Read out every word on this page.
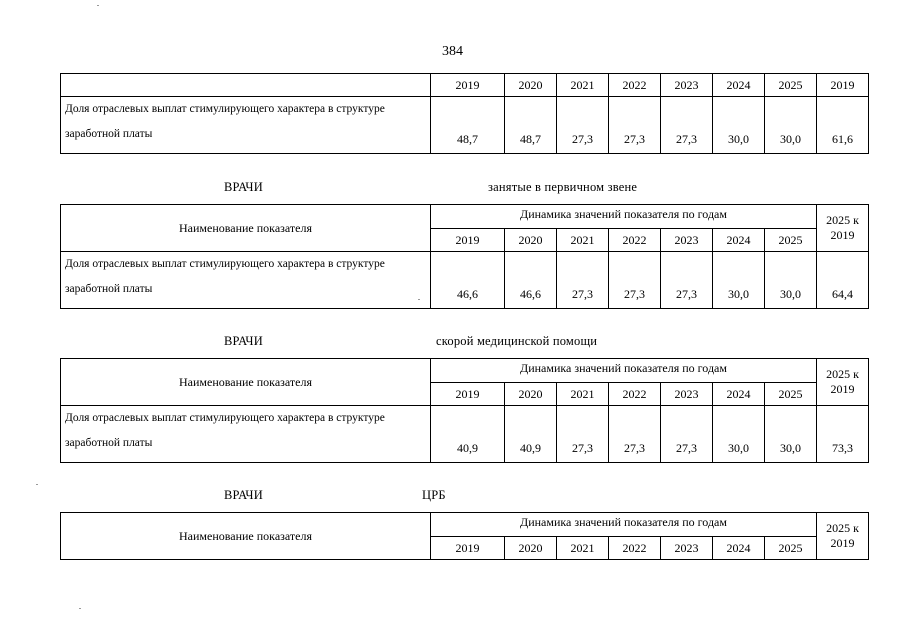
384
	2019	2020	2021	2022	2023	2024	2025	2019
Доля отраслевых выплат стимулирующего характера в структуре заработной платы	48,7	48,7	27,3	27,3	27,3	30,0	30,0	61,6
ВРАЧИ	занятые в первичном звене
Наименование показателя	Динамика значений показателя по годам							2025 к 2019
	2019	2020	2021	2022	2023	2024	2025	
Доля отраслевых выплат стимулирующего характера в структуре заработной платы	46,6	46,6	27,3	27,3	27,3	30,0	30,0	64,4
ВРАЧИ	скорой медицинской помощи
Наименование показателя	Динамика значений показателя по годам							2025 к 2019
	2019	2020	2021	2022	2023	2024	2025	
Доля отраслевых выплат стимулирующего характера в структуре заработной платы	40,9	40,9	27,3	27,3	27,3	30,0	30,0	73,3
ВРАЧИ	ЦРБ
Наименование показателя	Динамика значений показателя по годам							2025 к 2019
	2019	2020	2021	2022	2023	2024	2025	
